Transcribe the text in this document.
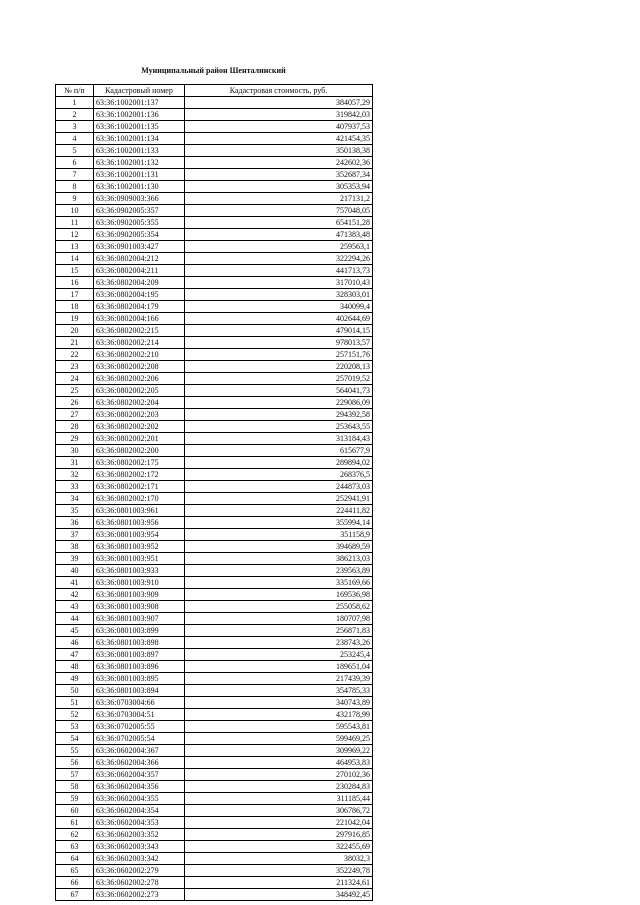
Муниципальный район Шенталинский
№ п/п	Кадастровый номер	Кадастровая стоимость, руб.
1	63:36:1002001:137	384057,29
2	63:36:1002001:136	319842,03
3	63:36:1002001:135	407937,53
4	63:36:1002001:134	421454,35
5	63:36:1002001:133	350138,38
6	63:36:1002001:132	242602,36
7	63:36:1002001:131	352687,34
8	63:36:1002001:130	305353,94
9	63:36:0909003:366	217131,2
10	63:36:0902005:357	757048,05
11	63:36:0902005:355	654151,28
12	63:36:0902005:354	471383,48
13	63:36:0901003:427	259563,1
14	63:36:0802004:212	322294,26
15	63:36:0802004:211	441713,73
16	63:36:0802004:209	317010,43
17	63:36:0802004:195	328303,01
18	63:36:0802004:179	340099,4
19	63:36:0802004:166	402644,69
20	63:36:0802002:215	479014,15
21	63:36:0802002:214	978013,57
22	63:36:0802002:210	257151,76
23	63:36:0802002:208	220208,13
24	63:36:0802002:206	257019,52
25	63:36:0802002:205	564041,73
26	63:36:0802002:204	229086,09
27	63:36:0802002:203	294392,58
28	63:36:0802002:202	253643,55
29	63:36:0802002:201	313184,43
30	63:36:0802002:200	615677,9
31	63:36:0802002:175	289894,02
32	63:36:0802002:172	268376,5
33	63:36:0802002:171	244873,03
34	63:36:0802002:170	252941,91
35	63:36:0801003:961	224411,82
36	63:36:0801003:956	355994,14
37	63:36:0801003:954	351158,9
38	63:36:0801003:952	394689,59
39	63:36:0801003:951	386213,03
40	63:36:0801003:933	239563,89
41	63:36:0801003:910	335169,66
42	63:36:0801003:909	169536,98
43	63:36:0801003:908	255058,62
44	63:36:0801003:907	180707,98
45	63:36:0801003:899	256871,83
46	63:36:0801003:898	238743,26
47	63:36:0801003:897	253245,4
48	63:36:0801003:896	189651,04
49	63:36:0801003:895	217439,39
50	63:36:0801003:894	354785,33
51	63:36:0703004:66	340743,89
52	63:36:0703004:51	432178,99
53	63:36:0702005:55	595543,81
54	63:36:0702005:54	599469,25
55	63:36:0602004:367	309969,22
56	63:36:0602004:366	464953,83
57	63:36:0602004:357	270102,36
58	63:36:0602004:356	230284,83
59	63:36:0602004:355	311185,44
60	63:36:0602004:354	306786,72
61	63:36:0602004:353	221042,04
62	63:36:0602003:352	297916,85
63	63:36:0602003:343	322455,69
64	63:36:0602003:342	38032,3
65	63:36:0602002:279	352249,78
66	63:36:0602002:278	211324,61
67	63:36:0602002:273	348492,45
